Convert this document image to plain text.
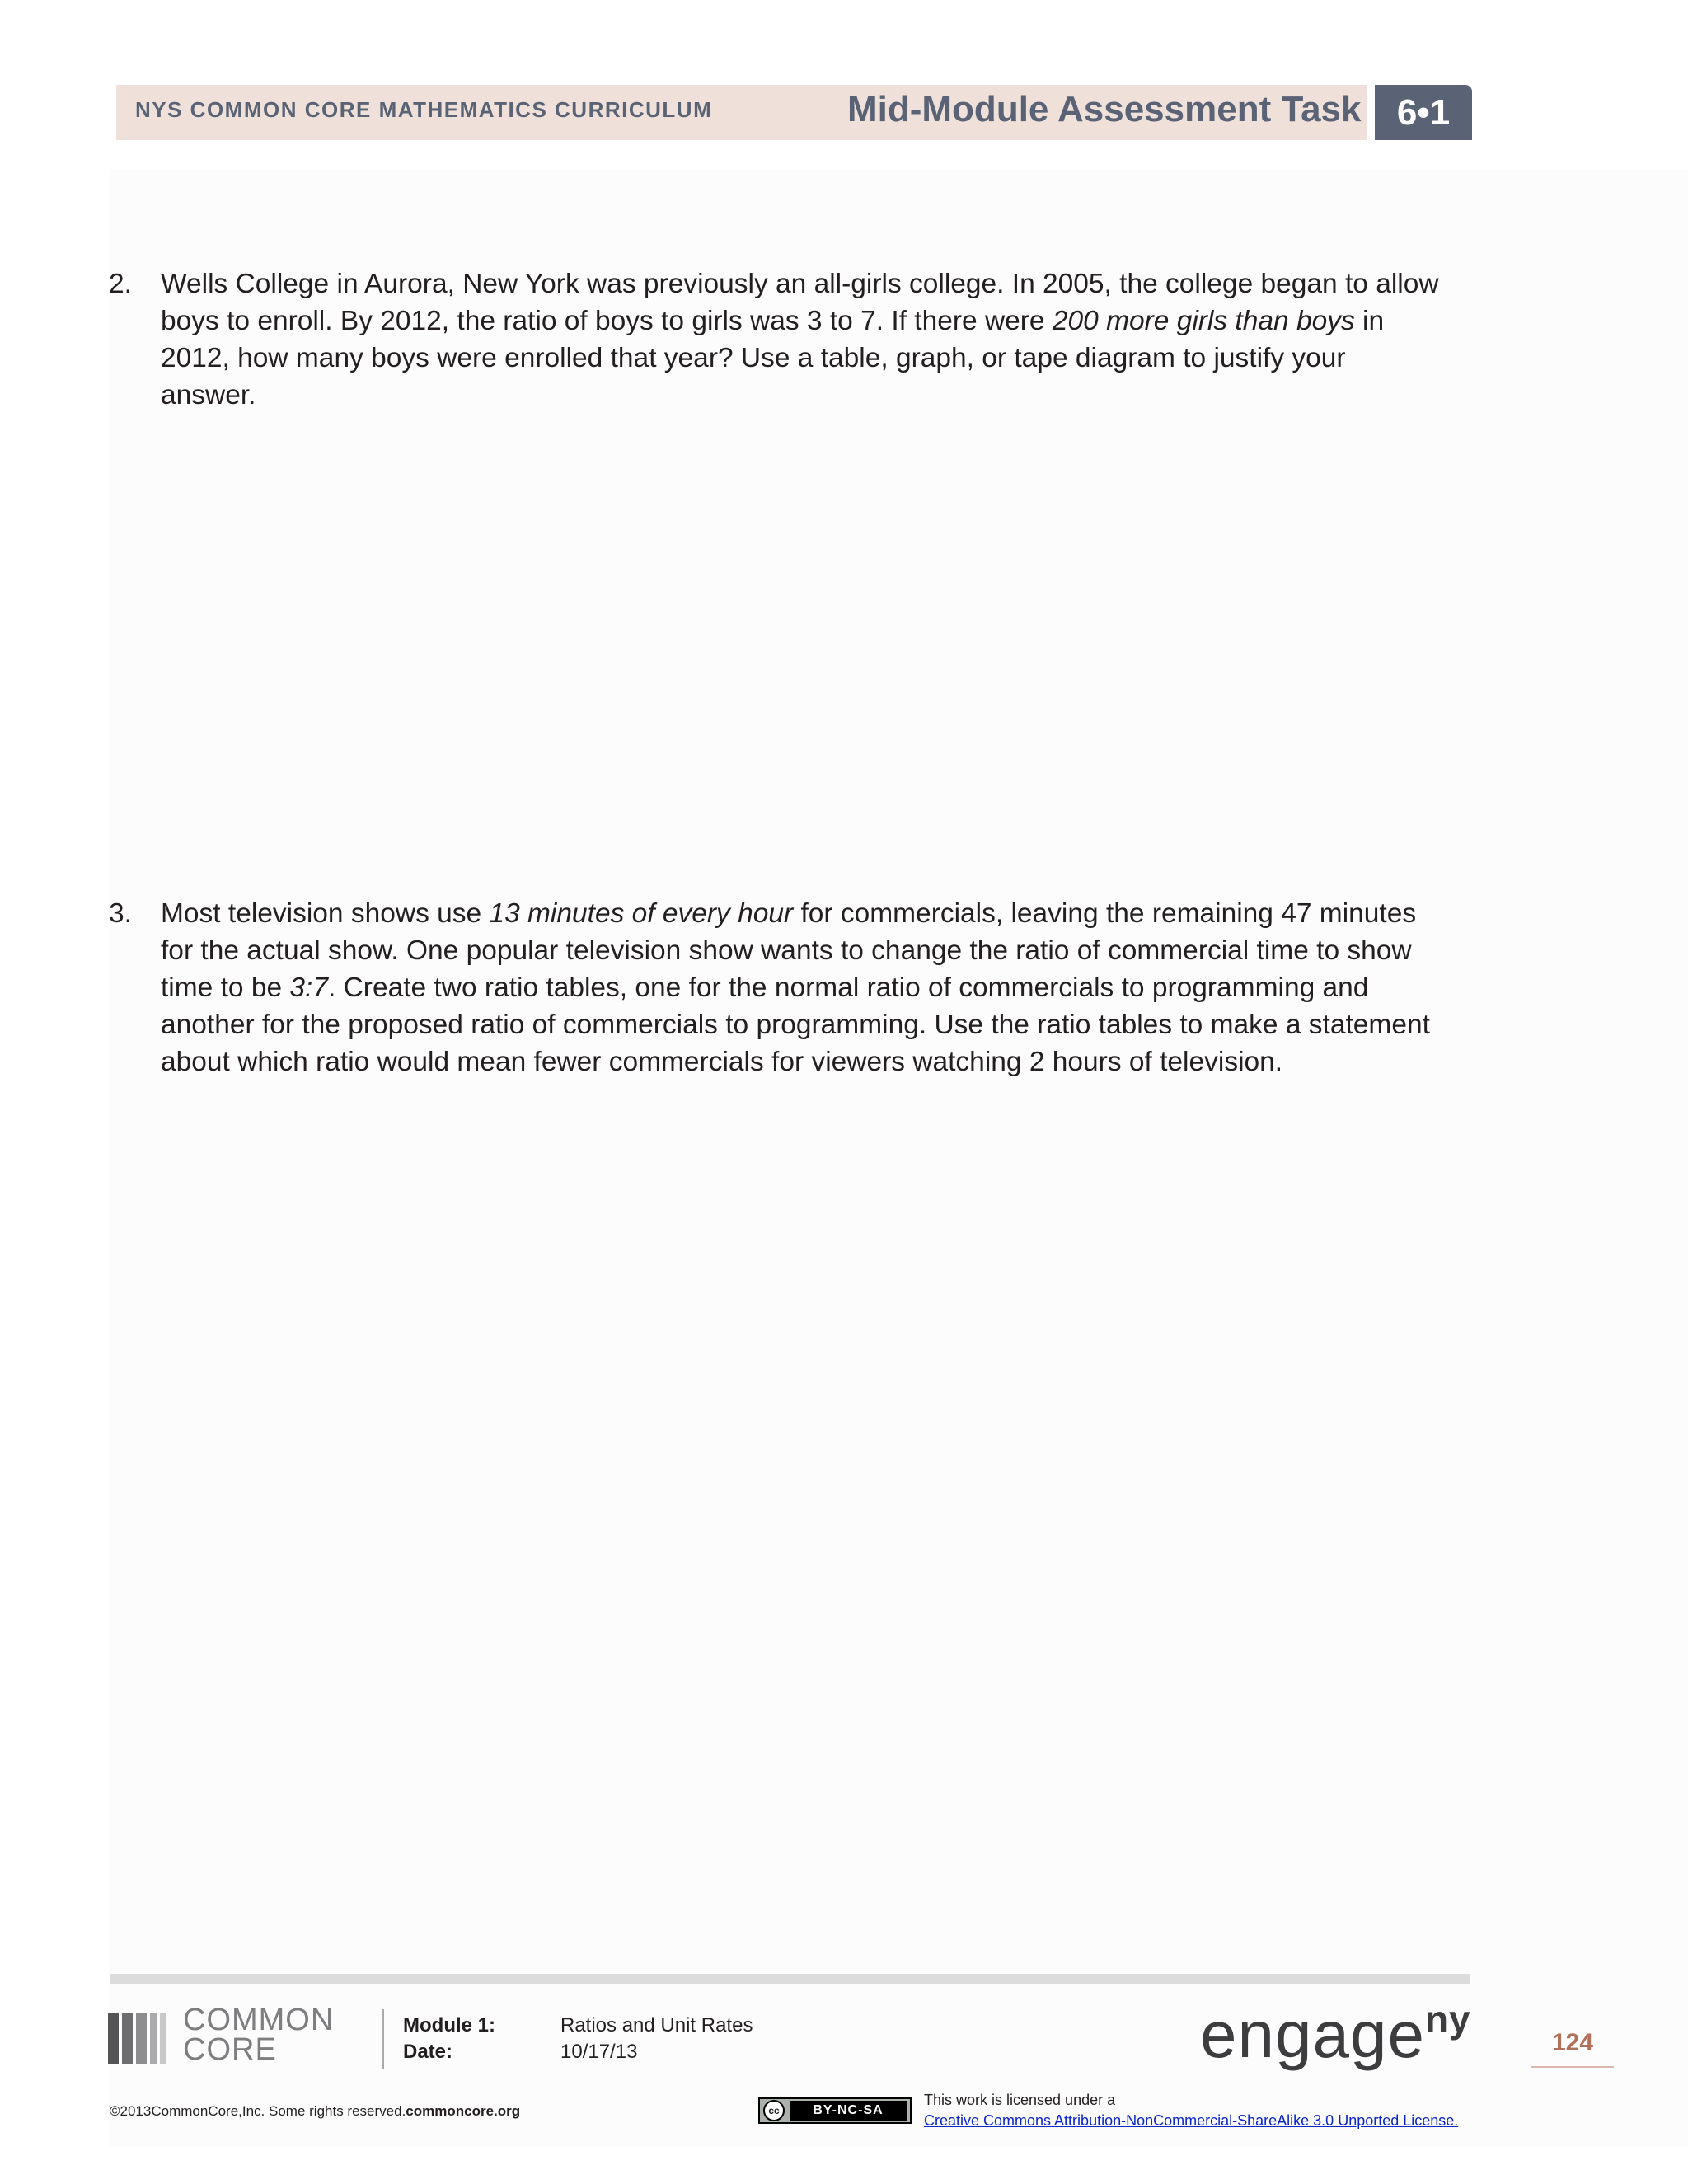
NYS COMMON CORE MATHEMATICS CURRICULUM	Mid-Module Assessment Task 6•1
2. Wells College in Aurora, New York was previously an all-girls college. In 2005, the college began to allow
boys to enroll. By 2012, the ratio of boys to girls was 3 to 7. If there were 200 more girls than boys in
2012, how many boys were enrolled that year? Use a table, graph, or tape diagram to justify your
answer.
3. Most television shows use 13 minutes of every hour for commercials, leaving the remaining 47 minutes
for the actual show. One popular television show wants to change the ratio of commercial time to show
time to be 3:7. Create two ratio tables, one for the normal ratio of commercials to programming and
another for the proposed ratio of commercials to programming. Use the ratio tables to make a statement
about which ratio would mean fewer commercials for viewers watching 2 hours of television.
COMMON
CORE
Module 1:	Ratios and Unit Rates
Date:	10/17/13	engage$^{ny}$
124
©2013CommonCore,Inc. Some rights reserved.commoncore.org	cc	BY-NC-SA
This work is licensed under a
Creative Commons Attribution-NonCommercial-ShareAlike 3.0 Unported License.
